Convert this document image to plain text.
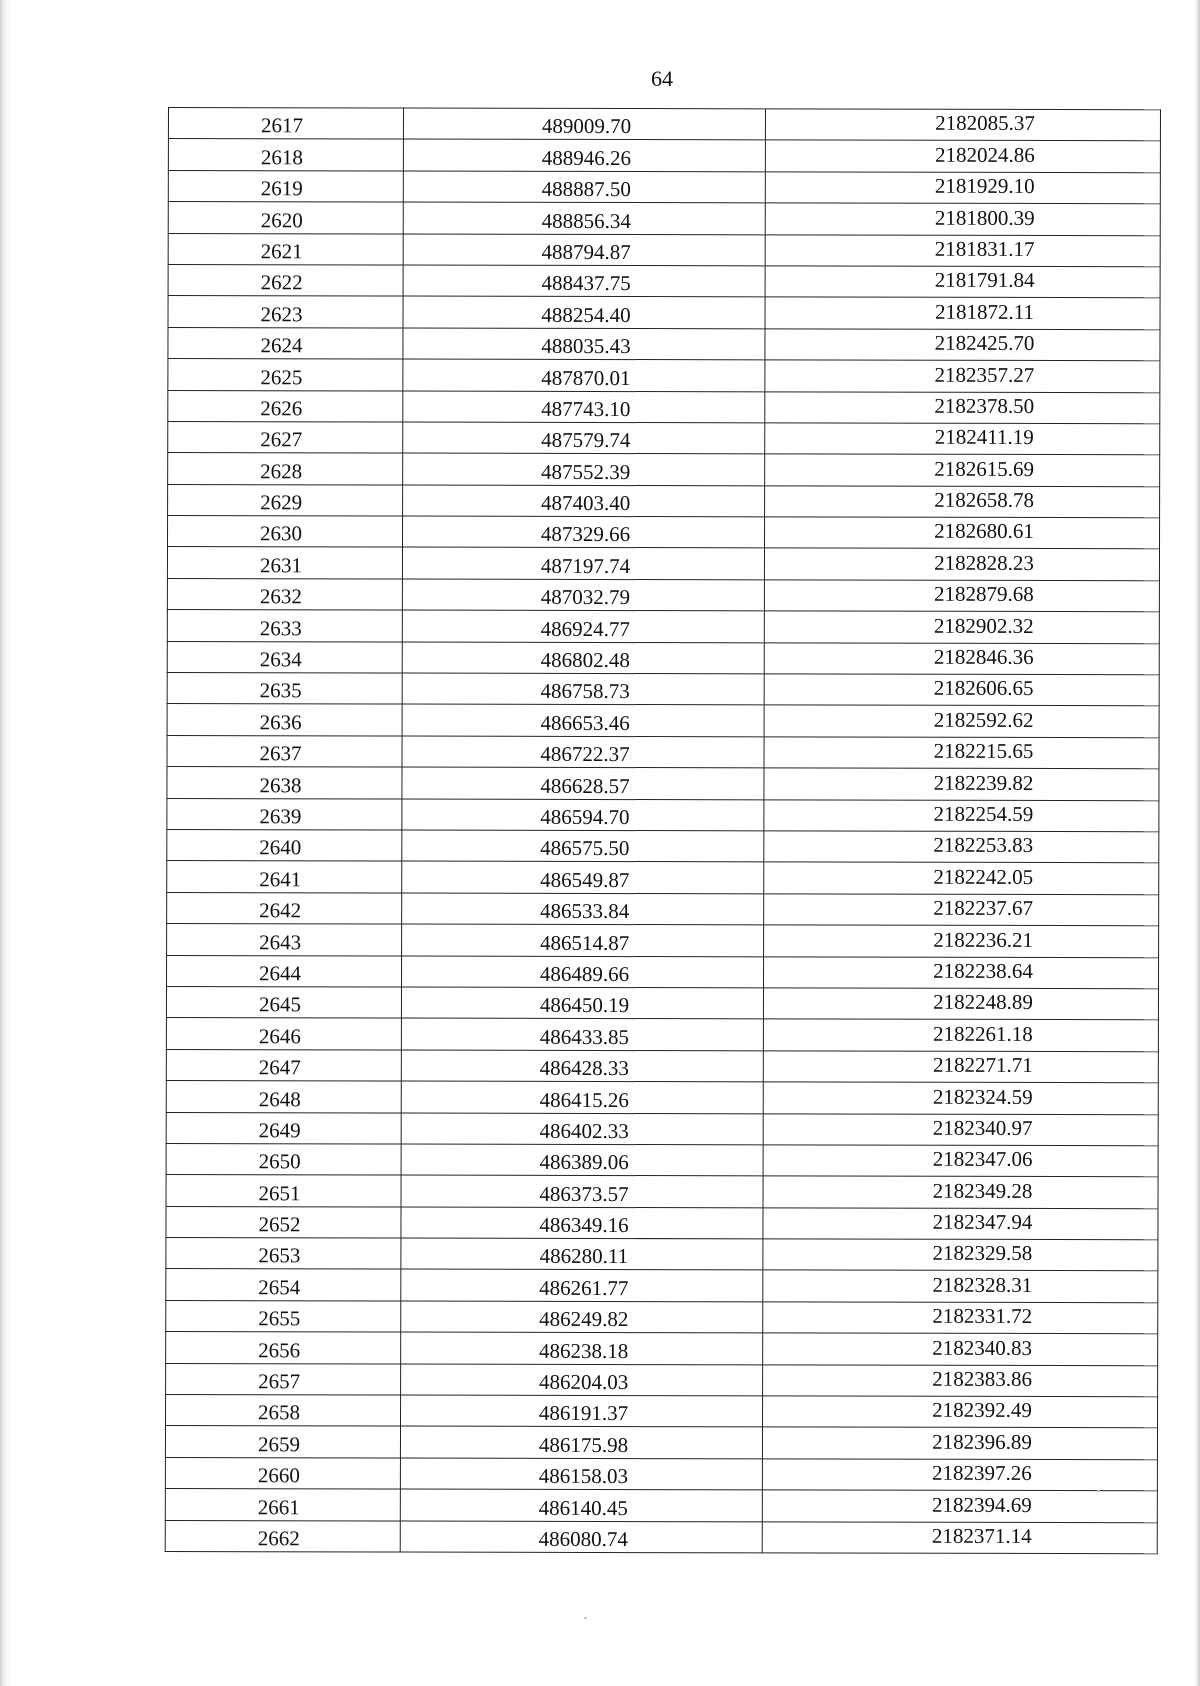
64
2617	489009.70	2182085.37
2618	488946.26	2182024.86
2619	488887.50	2181929.10
2620	488856.34	2181800.39
2621	488794.87	2181831.17
2622	488437.75	2181791.84
2623	488254.40	2181872.11
2624	488035.43	2182425.70
2625	487870.01	2182357.27
2626	487743.10	2182378.50
2627	487579.74	2182411.19
2628	487552.39	2182615.69
2629	487403.40	2182658.78
2630	487329.66	2182680.61
2631	487197.74	2182828.23
2632	487032.79	2182879.68
2633	486924.77	2182902.32
2634	486802.48	2182846.36
2635	486758.73	2182606.65
2636	486653.46	2182592.62
2637	486722.37	2182215.65
2638	486628.57	2182239.82
2639	486594.70	2182254.59
2640	486575.50	2182253.83
2641	486549.87	2182242.05
2642	486533.84	2182237.67
2643	486514.87	2182236.21
2644	486489.66	2182238.64
2645	486450.19	2182248.89
2646	486433.85	2182261.18
2647	486428.33	2182271.71
2648	486415.26	2182324.59
2649	486402.33	2182340.97
2650	486389.06	2182347.06
2651	486373.57	2182349.28
2652	486349.16	2182347.94
2653	486280.11	2182329.58
2654	486261.77	2182328.31
2655	486249.82	2182331.72
2656	486238.18	2182340.83
2657	486204.03	2182383.86
2658	486191.37	2182392.49
2659	486175.98	2182396.89
2660	486158.03	2182397.26
2661	486140.45	2182394.69
2662	486080.74	2182371.14
